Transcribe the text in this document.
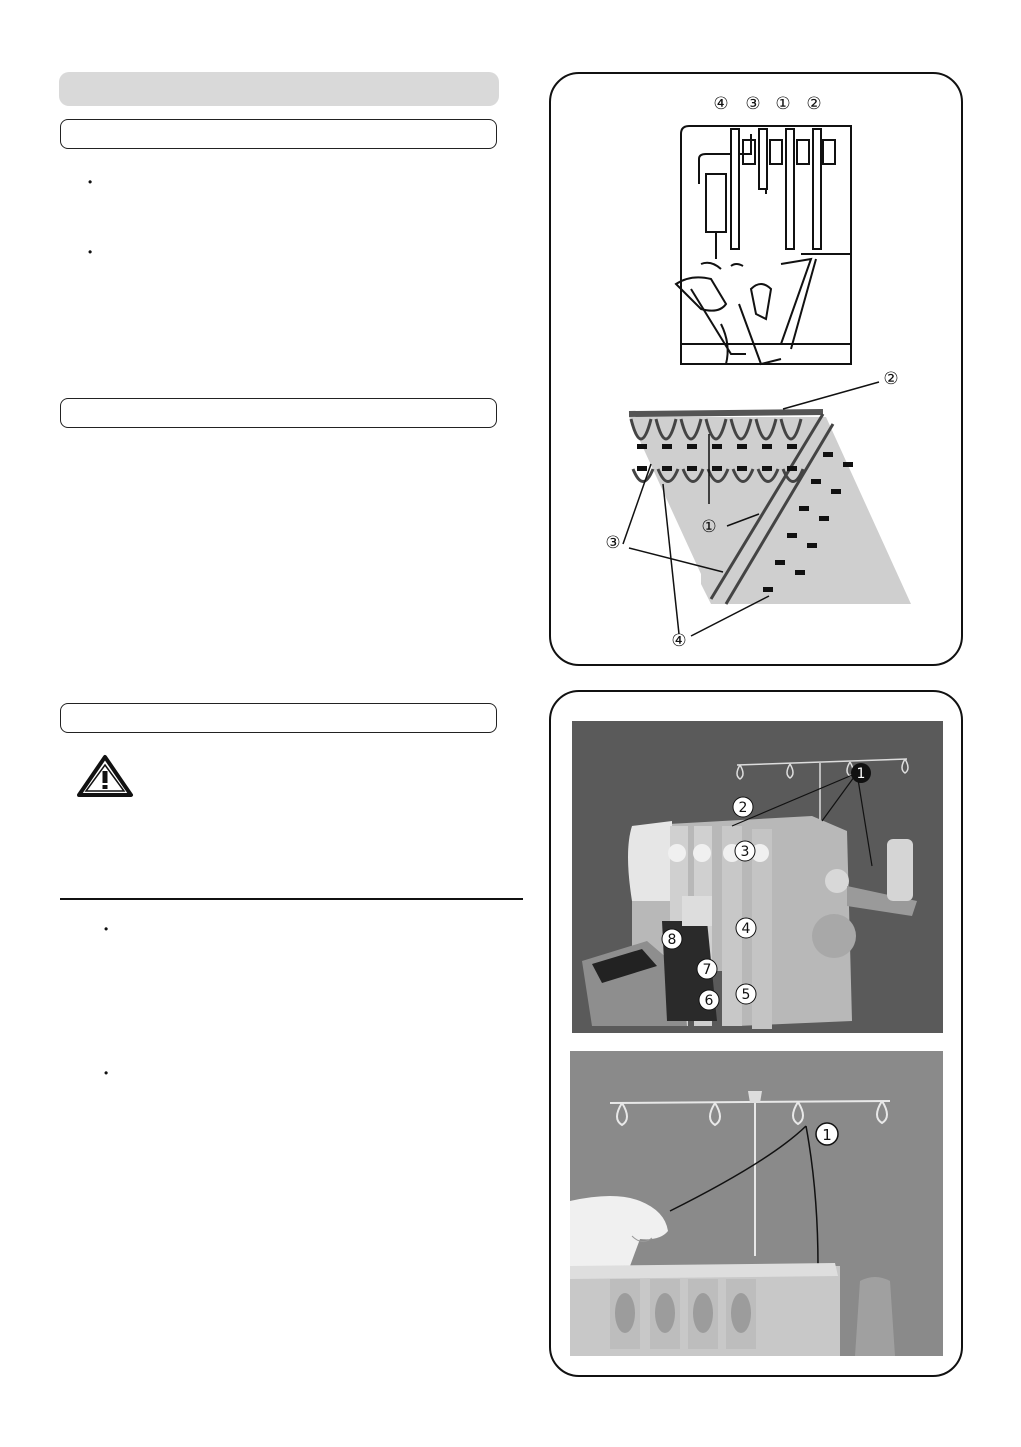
•
•
•
•
④ ③ ① ②
②
①
③
④
1
2
3
4
5
6
7
8
1
